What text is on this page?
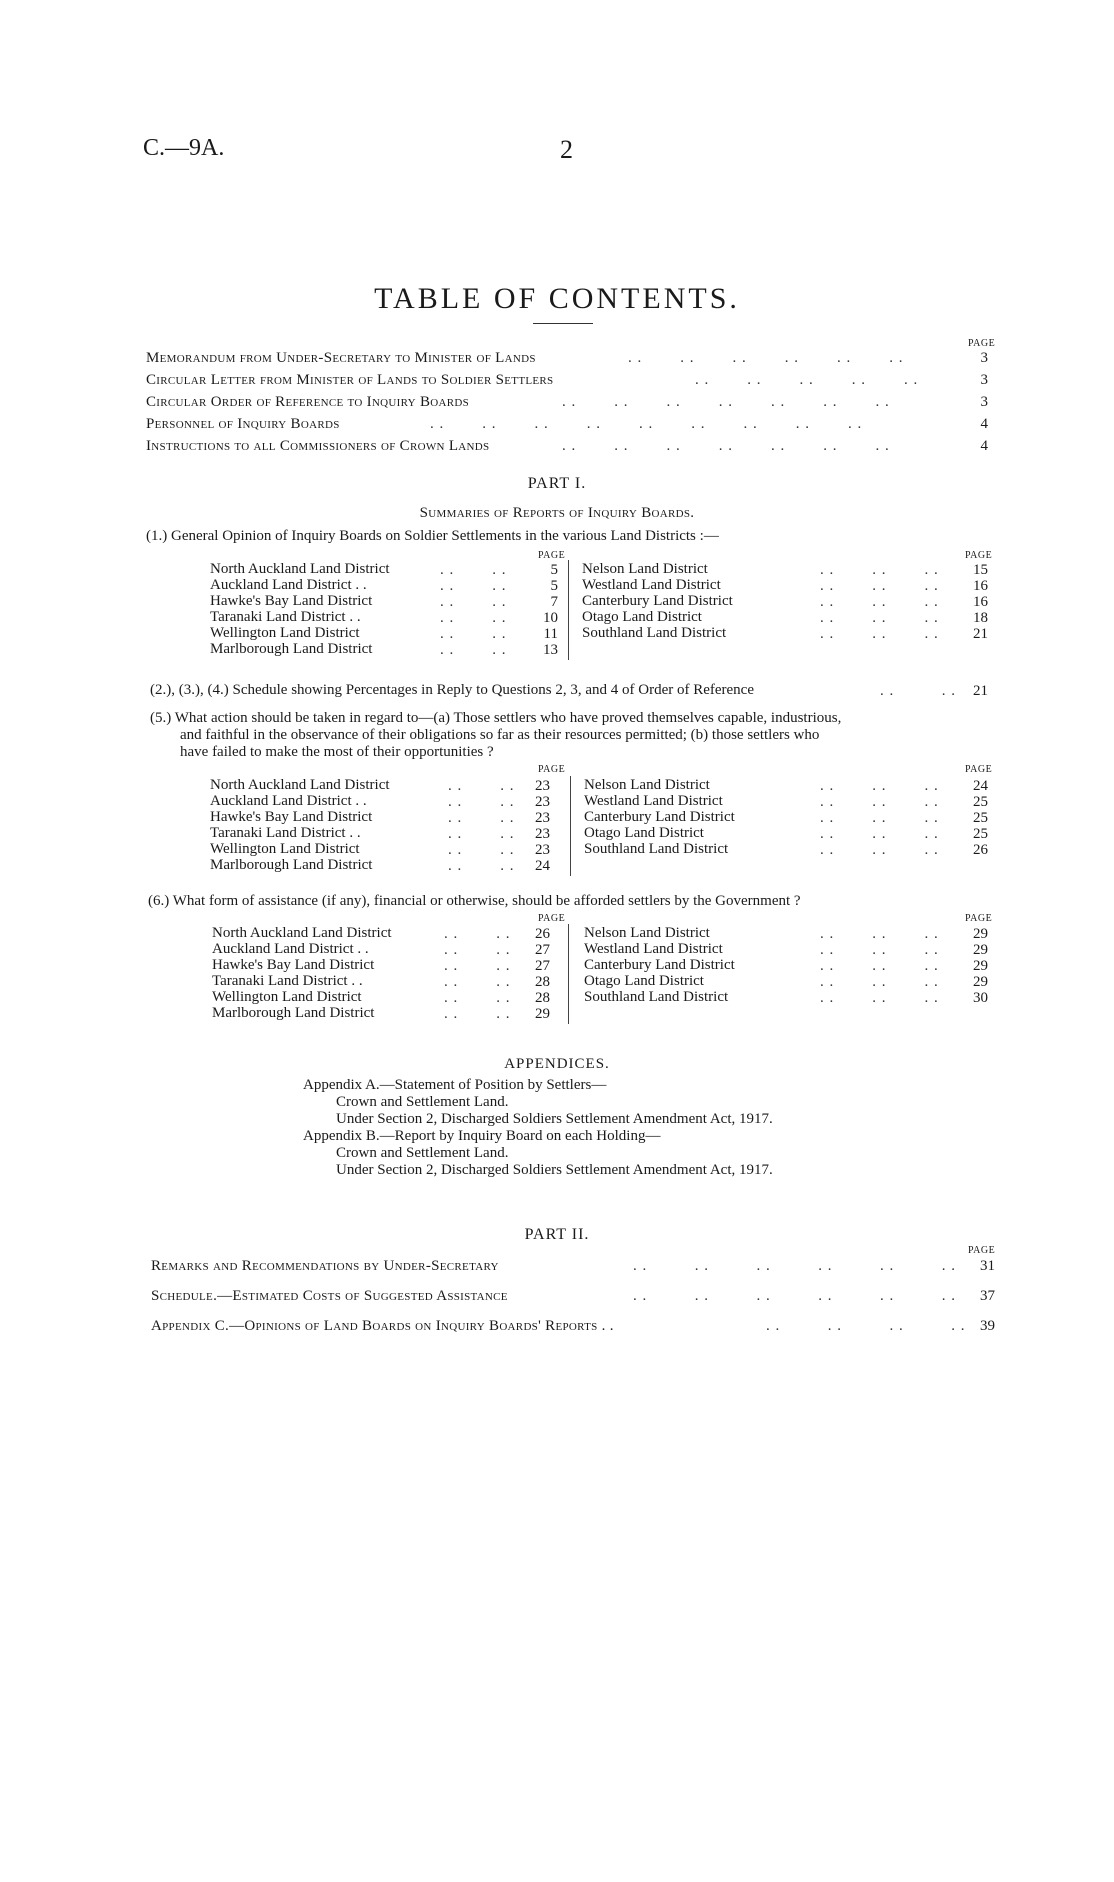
C.—9A.	2
TABLE OF CONTENTS.
PAGE
Memorandum from Under-Secretary to Minister of Lands	. .        . .        . .        . .        . .        . .	3
Circular Letter from Minister of Lands to Soldier Settlers	. .        . .        . .        . .        . .	3
Circular Order of Reference to Inquiry Boards	. .        . .        . .        . .        . .        . .        . .	3
Personnel of Inquiry Boards	. .        . .        . .        . .        . .        . .        . .        . .        . .	4
Instructions to all Commissioners of Crown Lands	. .        . .        . .        . .        . .        . .        . .	4
PART I.
Summaries of Reports of Inquiry Boards.
(1.) General Opinion of Inquiry Boards on Soldier Settlements in the various Land Districts :—
PAGE	PAGE
North Auckland Land District	. .        . .	5
Auckland Land District . .	. .        . .	5
Hawke's Bay Land District	. .        . .	7
Taranaki Land District . .	. .        . .	10
Wellington Land District	. .        . .	11
Marlborough Land District	. .        . .	13
Nelson Land District	. .        . .        . .	15
Westland Land District	. .        . .        . .	16
Canterbury Land District	. .        . .        . .	16
Otago Land District	. .        . .        . .	18
Southland Land District	. .        . .        . .	21
(2.), (3.), (4.) Schedule showing Percentages in Reply to Questions 2, 3, and 4 of Order of Reference	. .          . .	21
(5.) What action should be taken in regard to—(a) Those settlers who have proved themselves capable, industrious,
and faithful in the observance of their obligations so far as their resources permitted; (b) those settlers who
have failed to make the most of their opportunities ?
PAGE	PAGE
North Auckland Land District	. .        . .	23
Auckland Land District . .	. .        . .	23
Hawke's Bay Land District	. .        . .	23
Taranaki Land District . .	. .        . .	23
Wellington Land District	. .        . .	23
Marlborough Land District	. .        . .	24
Nelson Land District	. .        . .        . .	24
Westland Land District	. .        . .        . .	25
Canterbury Land District	. .        . .        . .	25
Otago Land District	. .        . .        . .	25
Southland Land District	. .        . .        . .	26
(6.) What form of assistance (if any), financial or otherwise, should be afforded settlers by the Government ?
PAGE	PAGE
North Auckland Land District	. .        . .	26
Auckland Land District . .	. .        . .	27
Hawke's Bay Land District	. .        . .	27
Taranaki Land District . .	. .        . .	28
Wellington Land District	. .        . .	28
Marlborough Land District	. .        . .	29
Nelson Land District	. .        . .        . .	29
Westland Land District	. .        . .        . .	29
Canterbury Land District	. .        . .        . .	29
Otago Land District	. .        . .        . .	29
Southland Land District	. .        . .        . .	30
APPENDICES.
Appendix A.—Statement of Position by Settlers—
Crown and Settlement Land.
Under Section 2, Discharged Soldiers Settlement Amendment Act, 1917.
Appendix B.—Report by Inquiry Board on each Holding—
Crown and Settlement Land.
Under Section 2, Discharged Soldiers Settlement Amendment Act, 1917.
PART II.
PAGE
Remarks and Recommendations by Under-Secretary	. .          . .          . .          . .          . .          . .	31
Schedule.—Estimated Costs of Suggested Assistance	. .          . .          . .          . .          . .          . .	37
Appendix C.—Opinions of Land Boards on Inquiry Boards' Reports . .	. .          . .          . .          . . 39
